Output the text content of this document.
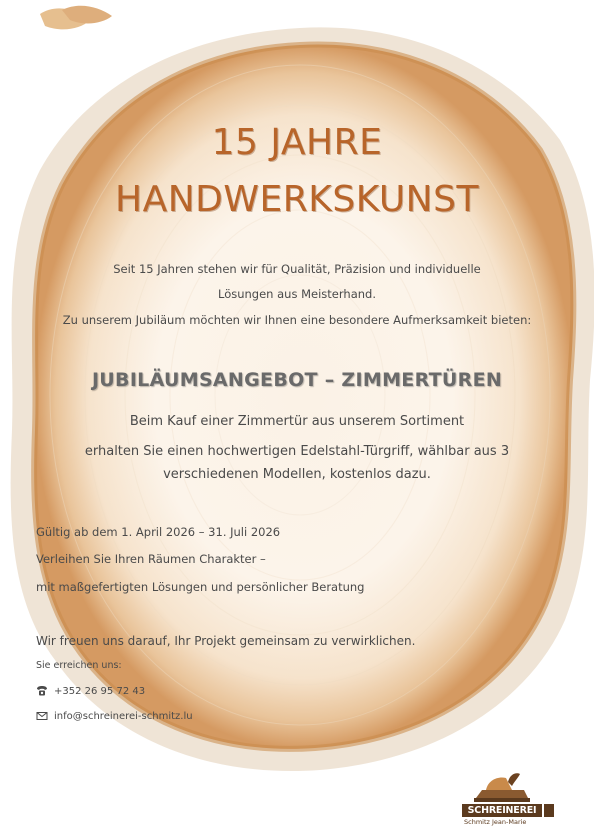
15 JAHRE
HANDWERKSKUNST
Seit 15 Jahren stehen wir für Qualität, Präzision und individuelle
Lösungen aus Meisterhand.
Zu unserem Jubiläum möchten wir Ihnen eine besondere Aufmerksamkeit bieten:
JUBILÄUMSANGEBOT – ZIMMERTÜREN
Beim Kauf einer Zimmertür aus unserem Sortiment
erhalten Sie einen hochwertigen Edelstahl-Türgriff, wählbar aus 3
verschiedenen Modellen, kostenlos dazu.
Gültig ab dem 1. April 2026 – 31. Juli 2026
Verleihen Sie Ihren Räumen Charakter –
mit maßgefertigten Lösungen und persönlicher Beratung
Wir freuen uns darauf, Ihr Projekt gemeinsam zu verwirklichen.
Sie erreichen uns:
+352 26 95 72 43
info@schreinerei-schmitz.lu
SCHREINEREI
Schmitz Jean-Marie
